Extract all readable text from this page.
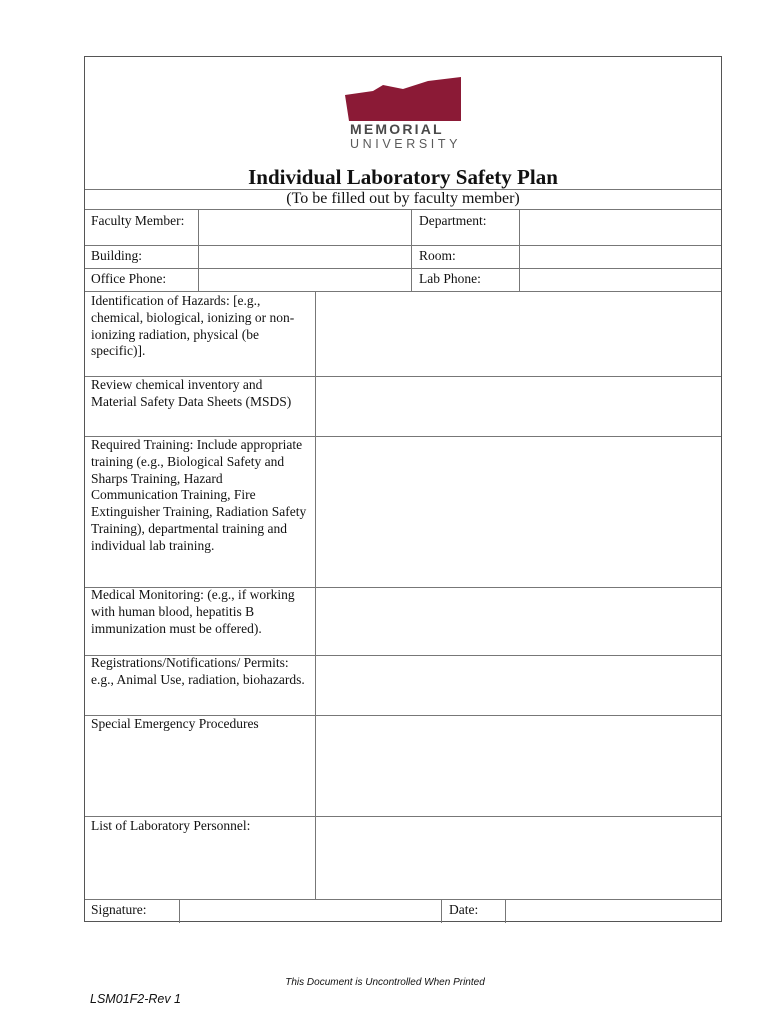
MEMORIAL
UNIVERSITY
Individual Laboratory Safety Plan
(To be filled out by faculty member)
Faculty Member:	Department:
Building:	Room:
Office Phone:	Lab Phone:
Identification of Hazards: [e.g., chemical, biological, ionizing or non-ionizing radiation, physical (be specific)].
Review chemical inventory and Material Safety Data Sheets (MSDS)
Required Training: Include appropriate training (e.g., Biological Safety and Sharps Training, Hazard Communication Training, Fire Extinguisher Training, Radiation Safety Training), departmental training and individual lab training.
Medical Monitoring: (e.g., if working with human blood, hepatitis B immunization must be offered).
Registrations/Notifications/ Permits: e.g., Animal Use, radiation, biohazards.
Special Emergency Procedures
List of Laboratory Personnel:
Signature:	Date:
This Document is Uncontrolled When Printed
LSM01F2-Rev 1
